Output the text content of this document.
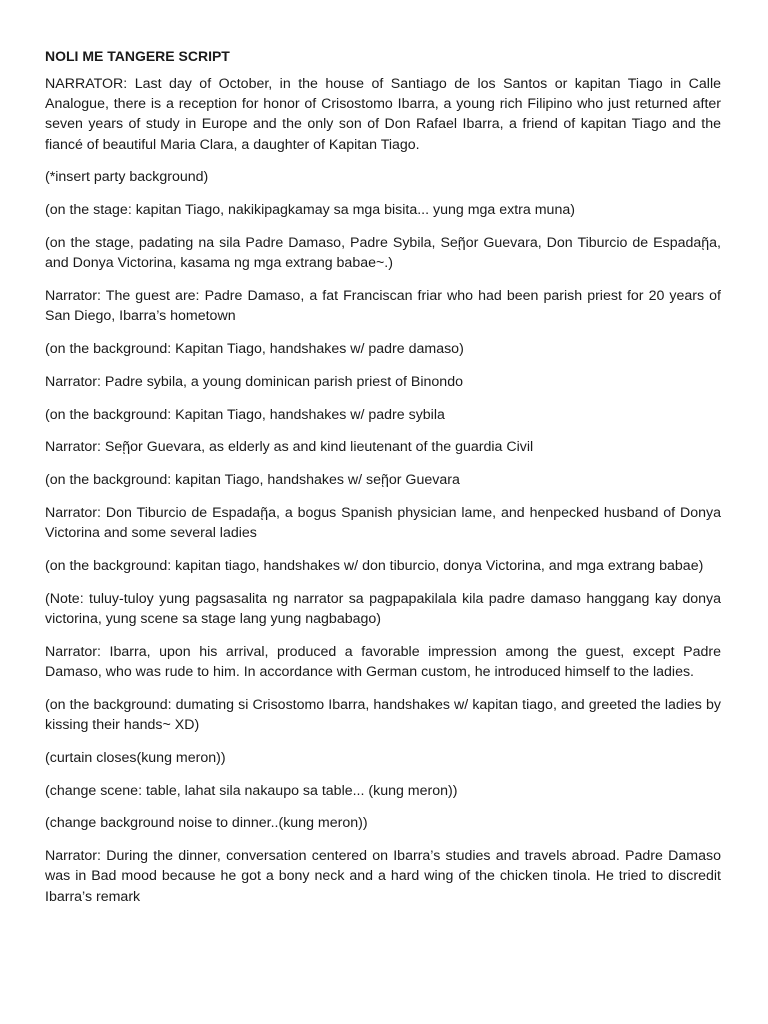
NOLI ME TANGERE SCRIPT

NARRATOR: Last day of October, in the house of Santiago de los Santos or kapitan Tiago in Calle Analogue, there is a reception for honor of Crisostomo Ibarra, a young rich Filipino who just returned after seven years of study in Europe and the only son of Don Rafael Ibarra, a friend of kapitan Tiago and the fiancé of beautiful Maria Clara, a daughter of Kapitan Tiago.

(*insert party background)

(on the stage: kapitan Tiago, nakikipagkamay sa mga bisita... yung mga extra muna)

(on the stage, padating na sila Padre Damaso, Padre Sybila, Seῇor Guevara, Don Tiburcio de Espadaῇa, and Donya Victorina, kasama ng mga extrang babae~.)

Narrator: The guest are: Padre Damaso, a fat Franciscan friar who had been parish priest for 20 years of San Diego, Ibarra’s hometown

(on the background: Kapitan Tiago, handshakes w/ padre damaso)

Narrator: Padre sybila, a young dominican parish priest of Binondo

(on the background: Kapitan Tiago, handshakes w/ padre sybila

Narrator: Seῇor Guevara, as elderly as and kind lieutenant of the guardia Civil

(on the background: kapitan Tiago, handshakes w/ seῇor Guevara

Narrator: Don Tiburcio de Espadaῇa, a bogus Spanish physician lame, and henpecked husband of Donya Victorina and some several ladies

(on the background: kapitan tiago, handshakes w/ don tiburcio, donya Victorina, and mga extrang babae)

(Note: tuluy-tuloy yung pagsasalita ng narrator sa pagpapakilala kila padre damaso hanggang kay donya victorina, yung scene sa stage lang yung nagbabago)

Narrator: Ibarra, upon his arrival, produced a favorable impression among the guest, except Padre Damaso, who was rude to him. In accordance with German custom, he introduced himself to the ladies.

(on the background: dumating si Crisostomo Ibarra, handshakes w/ kapitan tiago, and greeted the ladies by kissing their hands~ XD)

(curtain closes(kung meron))

(change scene: table, lahat sila nakaupo sa table... (kung meron))

(change background noise to dinner..(kung meron))

Narrator: During the dinner, conversation centered on Ibarra’s studies and travels abroad. Padre Damaso was in Bad mood because he got a bony neck and a hard wing of the chicken tinola. He tried to discredit Ibarra’s remark
